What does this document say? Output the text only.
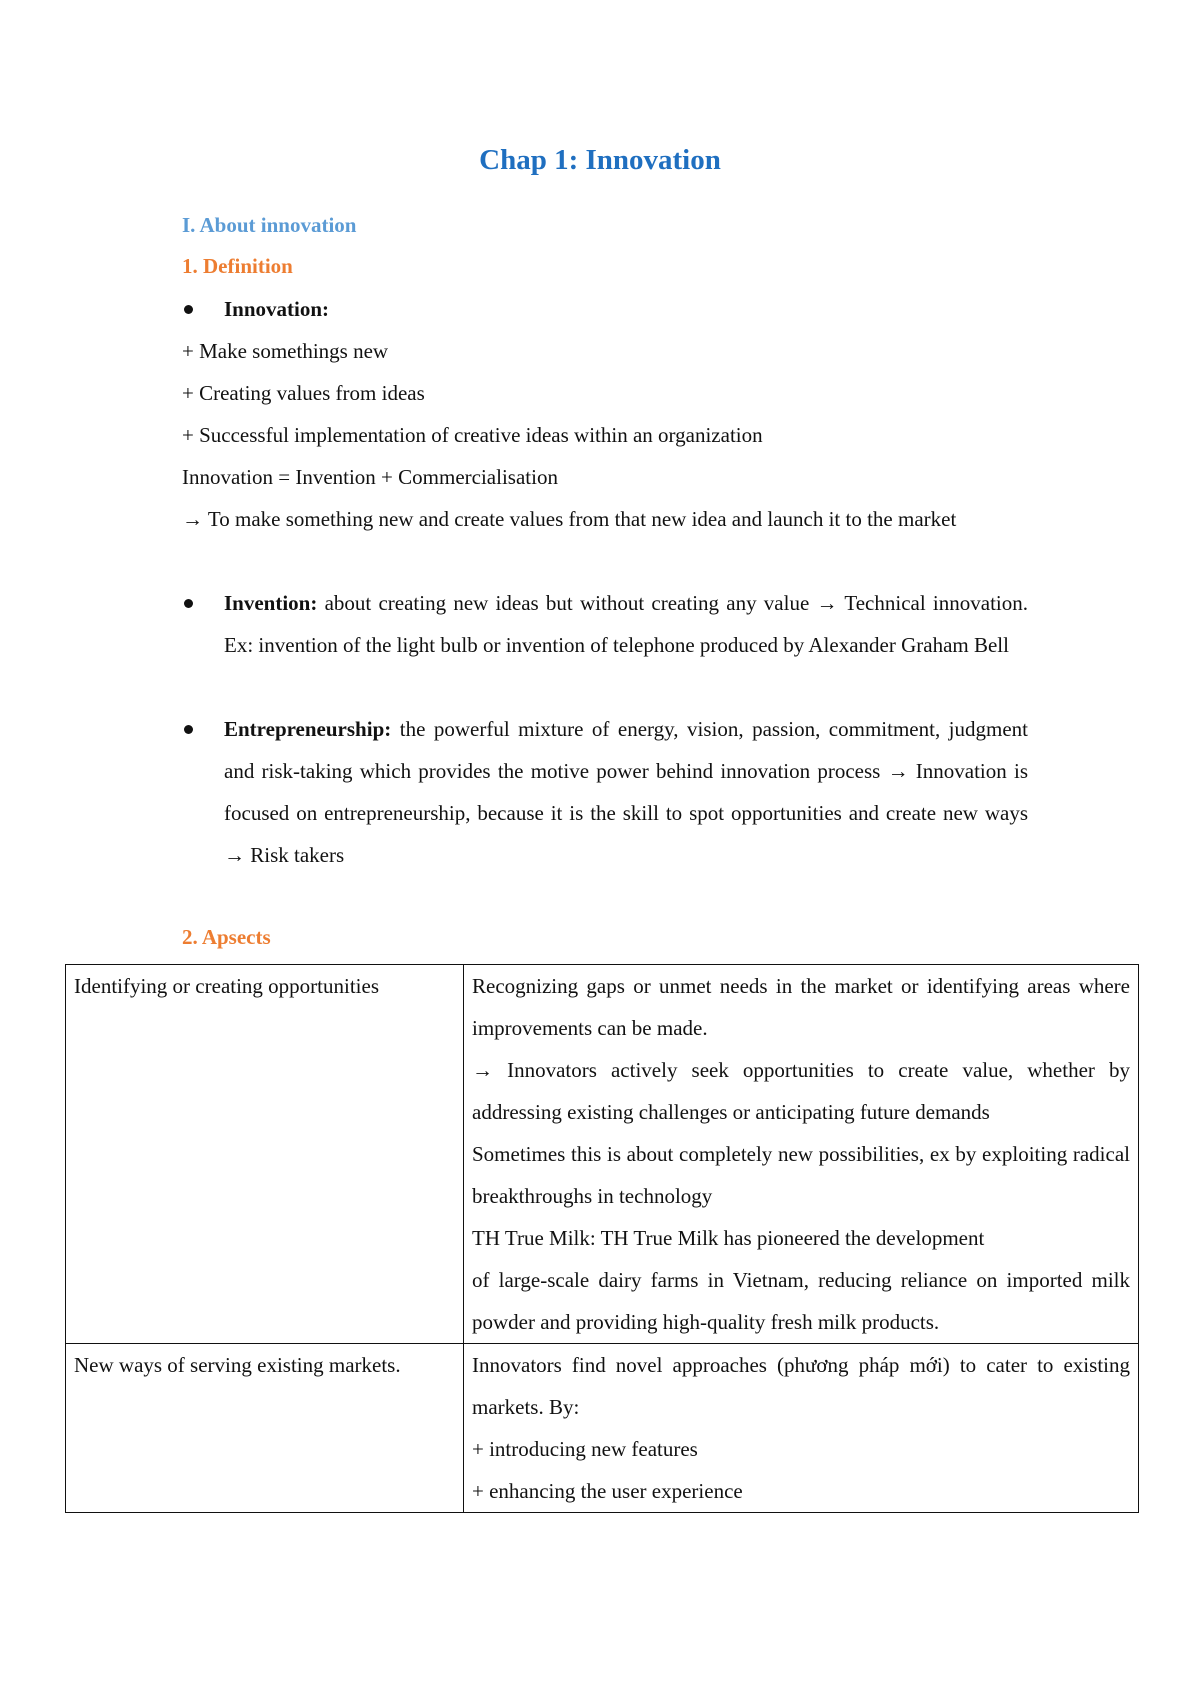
Chap 1: Innovation
I. About innovation
1. Definition
Innovation:
+ Make somethings new
+ Creating values from ideas
+ Successful implementation of creative ideas within an organization
Innovation = Invention + Commercialisation
→ To make something new and create values from that new idea and launch it to the market
Invention: about creating new ideas but without creating any value → Technical innovation. Ex: invention of the light bulb or invention of telephone produced by Alexander Graham Bell
Entrepreneurship: the powerful mixture of energy, vision, passion, commitment, judgment and risk-taking which provides the motive power behind innovation process → Innovation is focused on entrepreneurship, because it is the skill to spot opportunities and create new ways → Risk takers
2. Apsects
Identifying or creating opportunities	Recognizing gaps or unmet needs in the market or identifying areas where improvements can be made.
→ Innovators actively seek opportunities to create value, whether by addressing existing challenges or anticipating future demands
Sometimes this is about completely new possibilities, ex by exploiting radical breakthroughs in technology
TH True Milk: TH True Milk has pioneered the development
of large-scale dairy farms in Vietnam, reducing reliance on imported milk powder and providing high-quality fresh milk products.

New ways of serving existing markets.	Innovators find novel approaches (phương pháp mới) to cater to existing markets. By:
+ introducing new features
+ enhancing the user experience
